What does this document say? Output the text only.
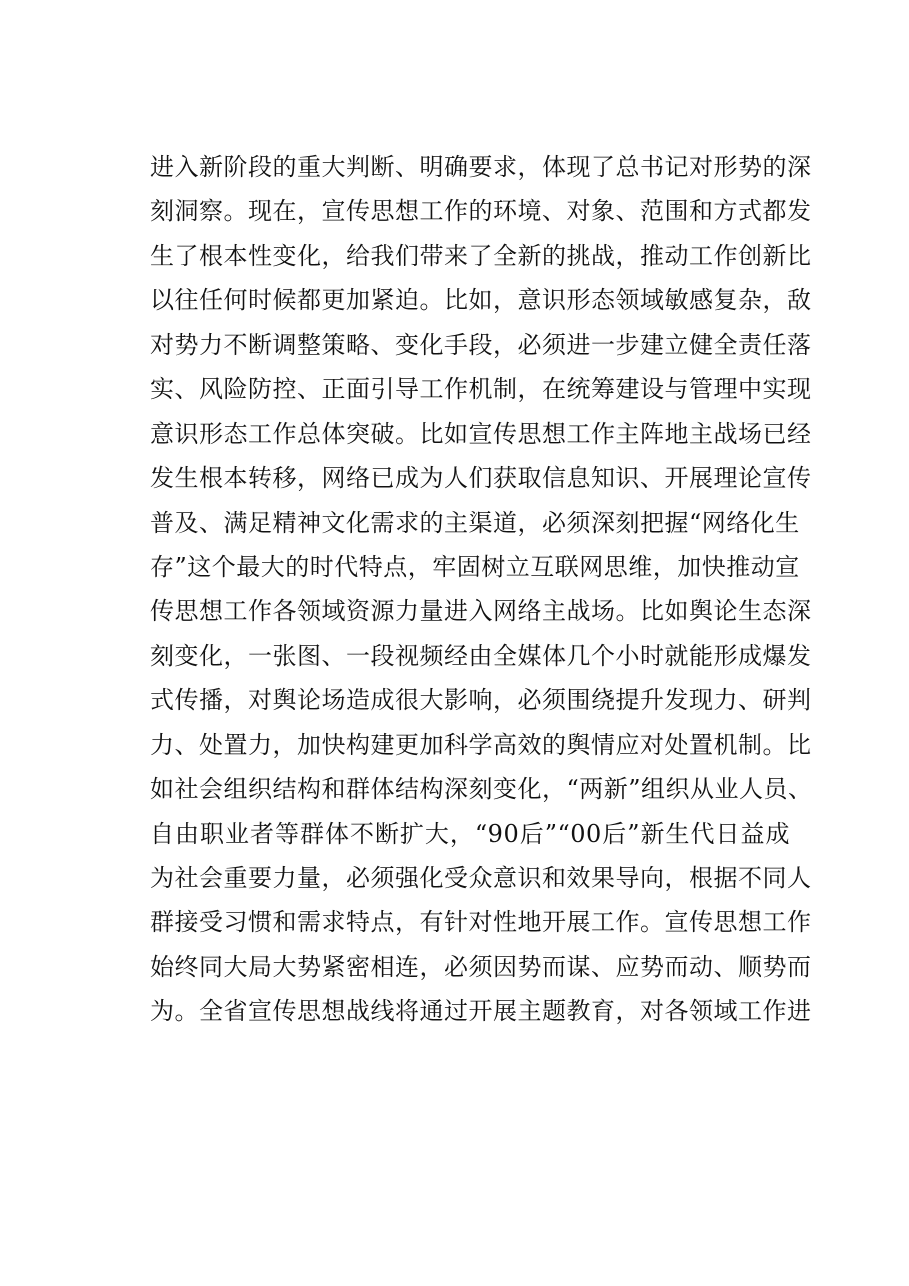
进入新阶段的重大判断、明确要求，体现了总书记对形势的深
刻洞察。现在，宣传思想工作的环境、对象、范围和方式都发
生了根本性变化，给我们带来了全新的挑战，推动工作创新比
以往任何时候都更加紧迫。比如，意识形态领域敏感复杂，敌
对势力不断调整策略、变化手段，必须进一步建立健全责任落
实、风险防控、正面引导工作机制，在统筹建设与管理中实现
意识形态工作总体突破。比如宣传思想工作主阵地主战场已经
发生根本转移，网络已成为人们获取信息知识、开展理论宣传
普及、满足精神文化需求的主渠道，必须深刻把握“网络化生
存”这个最大的时代特点，牢固树立互联网思维，加快推动宣
传思想工作各领域资源力量进入网络主战场。比如舆论生态深
刻变化，一张图、一段视频经由全媒体几个小时就能形成爆发
式传播，对舆论场造成很大影响，必须围绕提升发现力、研判
力、处置力，加快构建更加科学高效的舆情应对处置机制。比
如社会组织结构和群体结构深刻变化，“两新”组织从业人员、
自由职业者等群体不断扩大，“90后”“00后”新生代日益成
为社会重要力量，必须强化受众意识和效果导向，根据不同人
群接受习惯和需求特点，有针对性地开展工作。宣传思想工作
始终同大局大势紧密相连，必须因势而谋、应势而动、顺势而
为。全省宣传思想战线将通过开展主题教育，对各领域工作进
